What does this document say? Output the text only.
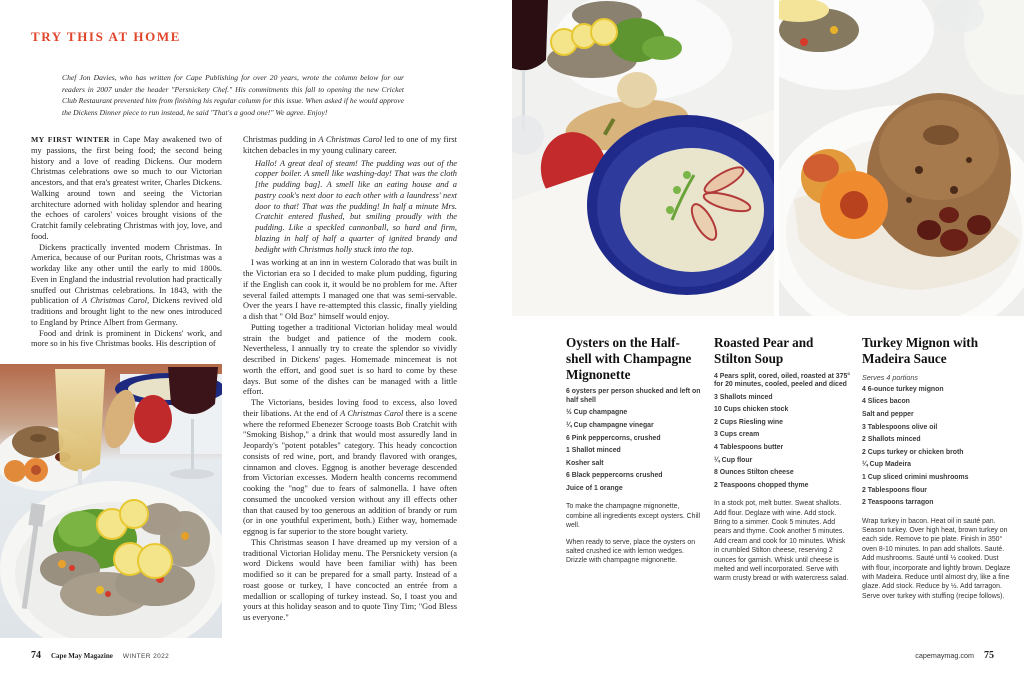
TRY THIS AT HOME
Chef Jon Davies, who has written for Cape Publishing for over 20 years, wrote the column below for our readers in 2007 under the header "Persnickety Chef." His commitments this fall to opening the new Cricket Club Restaurant prevented him from finishing his regular column for this issue. When asked if he would approve the Dickens Dinner piece to run instead, he said "That's a good one!" We agree. Enjoy!

MY FIRST WINTER in Cape May awakened two of my passions, the first being food; the second being history and a love of reading Dickens. Our modern Christmas celebrations owe so much to our Victorian ancestors, and that era's greatest writer, Charles Dickens. Walking around town and seeing the Victorian architecture adorned with holiday splendor and hearing the echoes of carolers' voices brought visions of the Cratchit family celebrating Christmas with joy, love, and food.

Dickens practically invented modern Christmas. In America, because of our Puritan roots, Christmas was a workday like any other until the early to mid 1800s. Even in England the industrial revolution had practically snuffed out Christmas celebrations. In 1843, with the publication of A Christmas Carol, Dickens revived old traditions and brought light to the new ones introduced to England by Prince Albert from Germany.

Food and drink is prominent in Dickens' work, and more so in his five Christmas books. His description of

Christmas pudding in A Christmas Carol led to one of my first kitchen debacles in my young culinary career.

Hallo! A great deal of steam! The pudding was out of the copper boiler. A smell like washing-day! That was the cloth [the pudding bag]. A smell like an eating house and a pastry cook's next door to each other with a laundress' next door to that! That was the pudding! In half a minute Mrs. Cratchit entered flushed, but smiling proudly with the pudding. Like a speckled cannonball, so hard and firm, blazing in half of half a quarter of ignited brandy and bedight with Christmas holly stuck into the top.

I was working at an inn in western Colorado that was built in the Victorian era so I decided to make plum pudding, figuring if the English can cook it, it would be no problem for me. After several failed attempts I managed one that was semi-servable. Over the years I have re-attempted this classic, finally yielding a dish that " Old Boz" himself would enjoy.

Putting together a traditional Victorian holiday meal would strain the budget and patience of the modern cook. Nevertheless, I annually try to create the splendor so vividly described in Dickens' pages. Homemade mincemeat is not worth the effort, and good suet is so hard to come by these days. But some of the dishes can be managed with a little effort.

The Victorians, besides loving food to excess, also loved their libations. At the end of A Christmas Carol there is a scene where the reformed Ebenezer Scrooge toasts Bob Cratchit with "Smoking Bishop," a drink that would most assuredly land in Jeopardy's "potent potables" category. This heady concoction consists of red wine, port, and brandy flavored with oranges, cinnamon and cloves. Eggnog is another beverage descended from Victorian excesses. Modern health concerns recommend cooking the "nog" due to fears of salmonella. I have often consumed the uncooked version without any ill effects other than that caused by too generous an addition of brandy or rum (or in one youthful experiment, both.) Either way, homemade eggnog is far superior to the store bought variety.

This Christmas season I have dreamed up my version of a traditional Victorian Holiday menu. The Persnickety version (a word Dickens would have been familiar with) has been modified so it can be prepared for a small party. Instead of a roast goose or turkey, I have concocted an entrée from a medallion or scalloping of turkey instead. So, I toast you and yours at this holiday season and to quote Tiny Tim; "God Bless us everyone."

74 Cape May Magazine WINTER 2022
Oysters on the Half-shell with Champagne Mignonette
6 oysters per person shucked and left on half shell
½ Cup champagne
¼ Cup champagne vinegar
6 Pink peppercorns, crushed
1 Shallot minced
Kosher salt
6 Black peppercorns crushed
Juice of 1 orange
To make the champagne mignonette, combine all ingredients except oysters. Chill well.
When ready to serve, place the oysters on salted crushed ice with lemon wedges. Drizzle with champagne mignonette.
Roasted Pear and Stilton Soup
4 Pears split, cored, oiled, roasted at 375° for 20 minutes, cooled, peeled and diced
3 Shallots minced
10 Cups chicken stock
2 Cups Riesling wine
3 Cups cream
4 Tablespoons butter
¼ Cup flour
8 Ounces Stilton cheese
2 Teaspoons chopped thyme
In a stock pot, melt butter. Sweat shallots. Add flour. Deglaze with wine. Add stock. Bring to a simmer. Cook 5 minutes. Add pears and thyme. Cook another 5 minutes. Add cream and cook for 10 minutes. Whisk in crumbled Stilton cheese, reserving 2 ounces for garnish. Whisk until cheese is melted and well incorporated. Serve with warm crusty bread or with watercress salad.
Turkey Mignon with Madeira Sauce
Serves 4 portions
4 6-ounce turkey mignon
4 Slices bacon
Salt and pepper
3 Tablespoons olive oil
2 Shallots minced
2 Cups turkey or chicken broth
¼ Cup Madeira
1 Cup sliced crimini mushrooms
2 Tablespoons flour
2 Teaspoons tarragon
Wrap turkey in bacon. Heat oil in sauté pan. Season turkey. Over high heat, brown turkey on each side. Remove to pie plate. Finish in 350° oven 8-10 minutes. In pan add shallots. Sauté. Add mushrooms. Sauté until ½ cooked. Dust with flour, incorporate and lightly brown. Deglaze with Madeira. Reduce until almost dry, like a fine glaze. Add stock. Reduce by ½. Add tarragon. Serve over turkey with stuffing (recipe follows).
capemaymag.com 75
